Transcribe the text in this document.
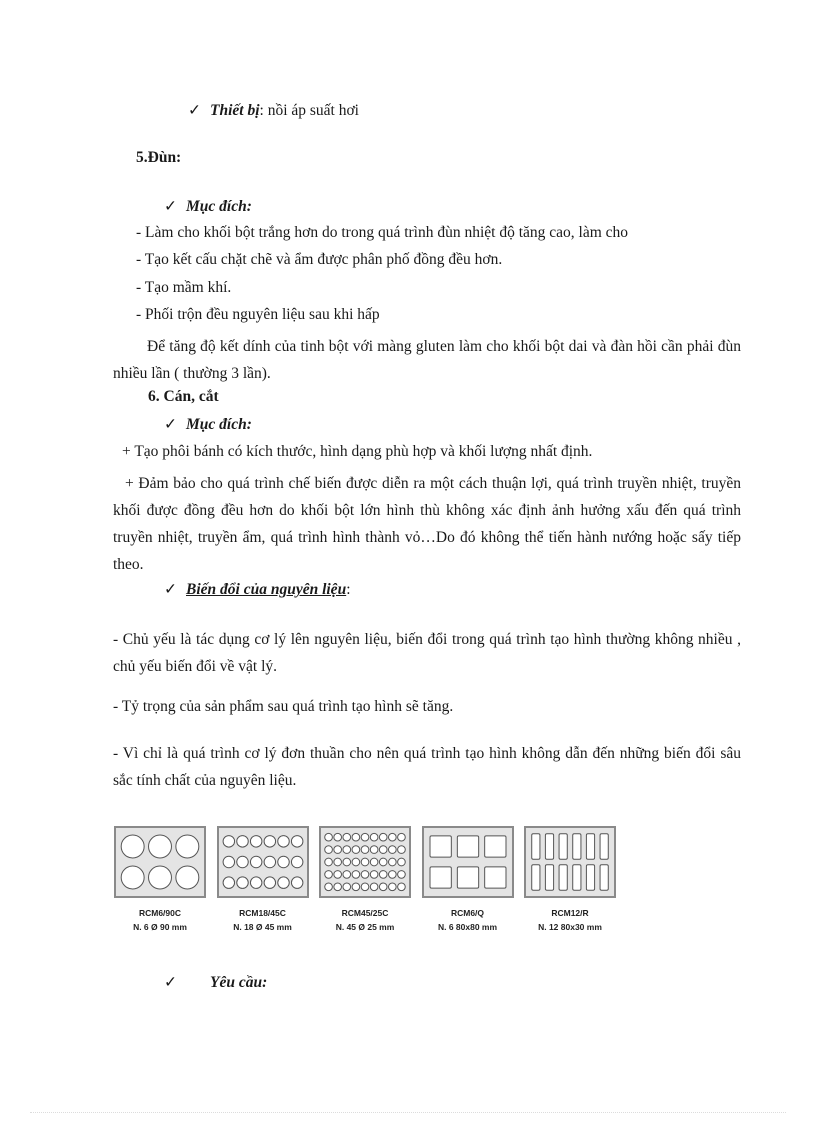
✓ Thiết bị: nồi áp suất hơi
5.Đùn:
✓ Mục đích:
- Làm cho khối bột trắng hơn do trong quá trình đùn nhiệt độ tăng cao, làm cho
- Tạo kết cấu chặt chẽ và ẩm được phân phố đồng đều hơn.
- Tạo mầm khí.
- Phối trộn đều nguyên liệu sau khi hấp
Để tăng độ kết dính của tinh bột với màng gluten làm cho khối bột dai và đàn hồi cần phải đùn nhiều lần ( thường 3 lần).
6. Cán, cắt
✓ Mục đích:
+ Tạo phôi bánh có kích thước, hình dạng phù hợp và khối lượng nhất định.
+ Đảm bảo cho quá trình chế biến được diễn ra một cách thuận lợi, quá trình truyền nhiệt, truyền khối được đồng đều hơn do khối bột lớn hình thù không xác định ảnh hưởng xấu đến quá trình truyền nhiệt, truyền ẩm, quá trình hình thành vỏ…Do đó không thể tiến hành nướng hoặc sấy tiếp theo.
✓ Biến đổi của nguyên liệu:
- Chủ yếu là tác dụng cơ lý lên nguyên liệu, biến đổi trong quá trình tạo hình thường không nhiều , chủ yếu biến đổi về vật lý.
- Tỷ trọng của sản phẩm sau quá trình tạo hình sẽ tăng.
- Vì chỉ là quá trình cơ lý đơn thuần cho nên quá trình tạo hình không dẫn đến những biến đổi sâu sắc tính chất của nguyên liệu.
RCM6/90C
N. 6 Ø 90 mm
RCM18/45C
N. 18 Ø 45 mm
RCM45/25C
N. 45 Ø 25 mm
RCM6/Q
N. 6 80x80 mm
RCM12/R
N. 12 80x30 mm
✓ Yêu cầu:
